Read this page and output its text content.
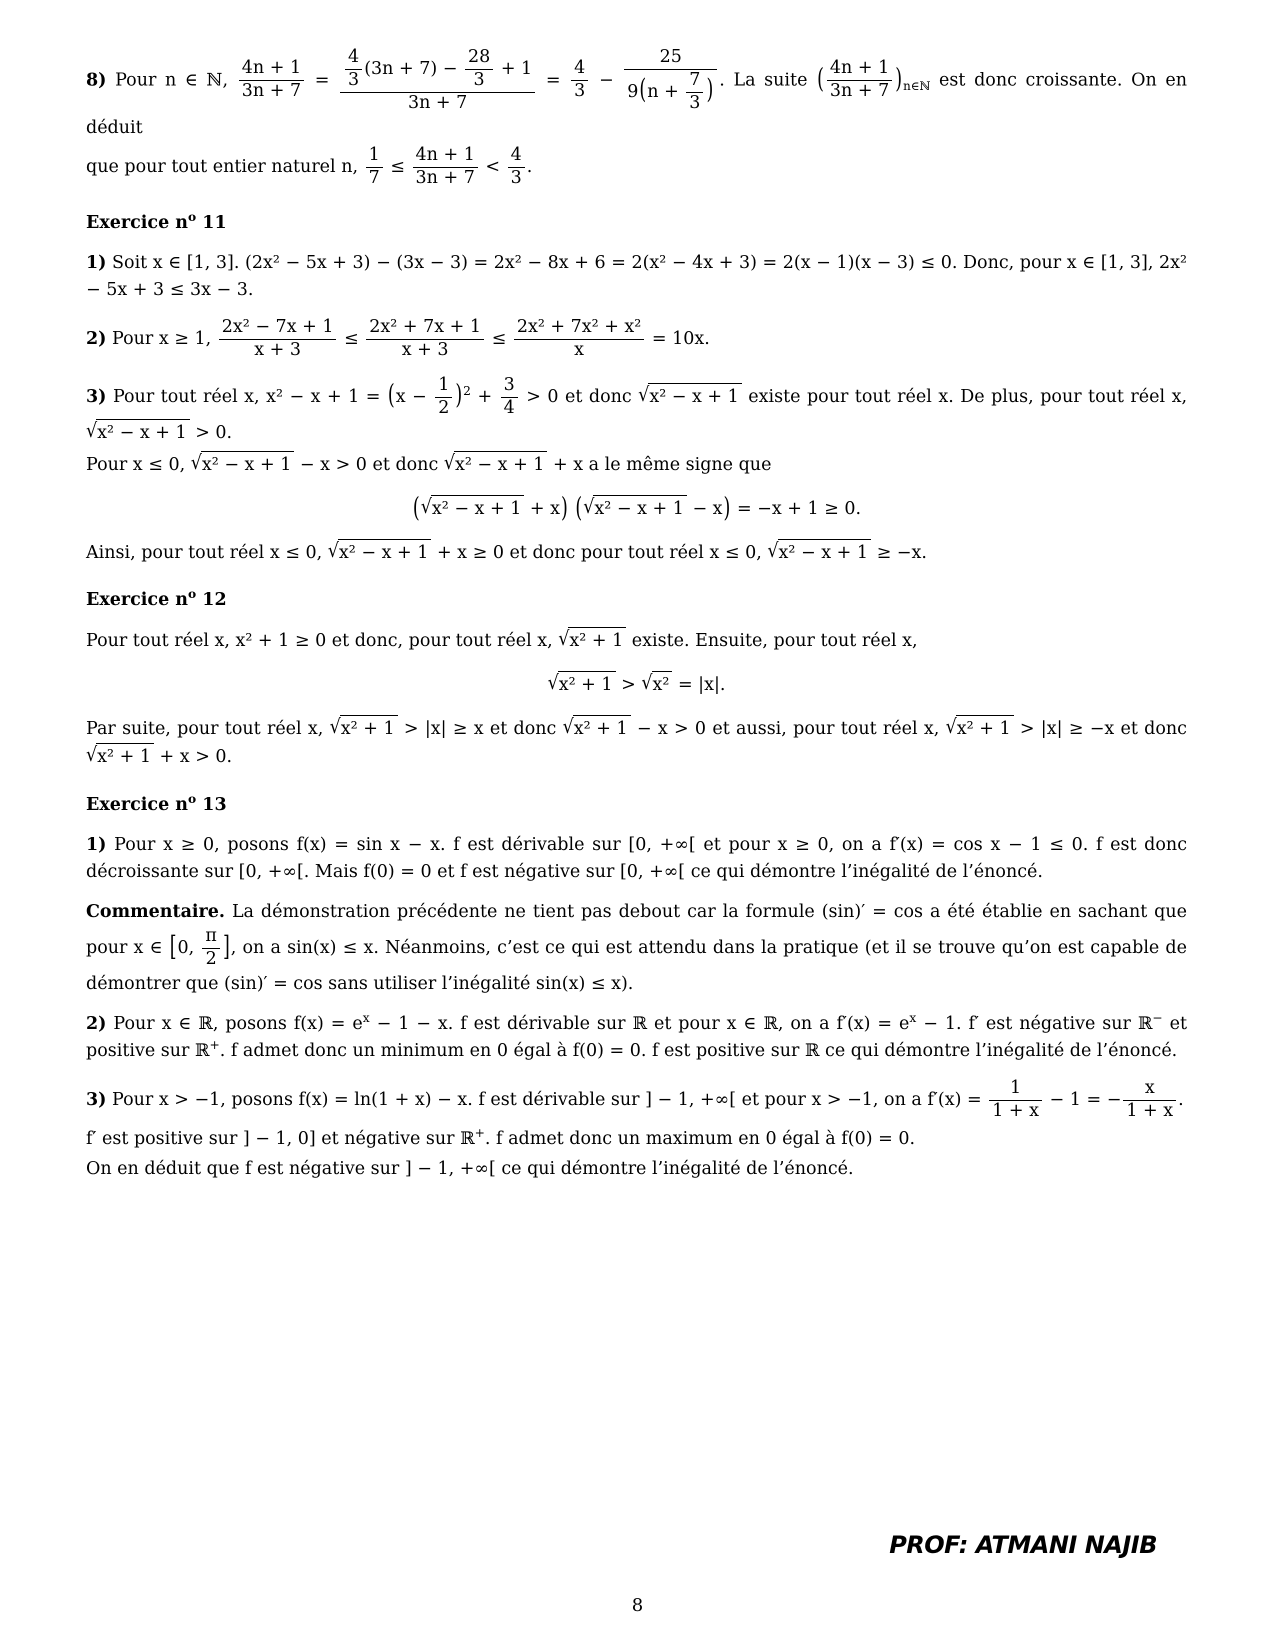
8) Pour n ∈ ℕ, $\frac{4n + 1}{3n + 7} = \frac{\frac{4}{3} (3n + 7) - \frac{28}{3} + 1}{3n + 7} = \frac{4}{3} - \frac{25}{9(n + \frac{7}{3} )}$ . La suite ( $\frac{4n + 1}{3n + 7} )_{n\in ℕ}$ est donc croissante. On en déduit
que pour tout entier naturel n, $\frac{1}{7} \le \frac{4n + 1}{3n + 7} < \frac{4}{3}$ .
Exercice $n^o$ 11
1) Soit x ∈ [1, 3]. (2x² − 5x + 3) − (3x − 3) = 2x² − 8x + 6 = 2(x² − 4x + 3) = 2(x − 1)(x − 3) ≤ 0. Donc, pour x ∈ [1, 3], 2x² − 5x + 3 ≤ 3x − 3.
2) Pour x ≥ 1, $\frac{\text{2x² − 7x + 1}}{x + 3} \le \frac{\text{2x² + 7x + 1}}{x + 3} \le \frac{\text{2x² + 7x² + x²}}{x} = 10x$.
3) Pour tout réel x, $x^2 - x + 1 = (x - \frac{1}{2} )^2 + \frac{3}{4} > 0$ et donc √x² − x + 1 existe pour tout réel x. De plus, pour tout réel x, √x² − x + 1 > 0.
Pour x ≤ 0, √x² − x + 1 − x > 0 et donc √x² − x + 1 + x a le même signe que
(√x² − x + 1 + x) (√x² − x + 1 − x) = −x + 1 ≥ 0.
Ainsi, pour tout réel x ≤ 0, √x² − x + 1 + x ≥ 0 et donc pour tout réel x ≤ 0, √x² − x + 1 ≥ −x.
Exercice $n^o$ 12
Pour tout réel x, x² + 1 ≥ 0 et donc, pour tout réel x, √x² + 1 existe. Ensuite, pour tout réel x,
√x² + 1 > √x² = |x|.
Par suite, pour tout réel x, √x² + 1 > |x| ≥ x et donc √x² + 1 − x > 0 et aussi, pour tout réel x, √x² + 1 > |x| ≥ −x et donc √x² + 1 + x > 0.
Exercice $n^o$ 13
1) Pour x ≥ 0, posons f(x) = sin x − x. f est dérivable sur [0, +∞[ et pour x ≥ 0, on a f′(x) = cos x − 1 ≤ 0. f est donc décroissante sur [0, +∞[. Mais f(0) = 0 et f est négative sur [0, +∞[ ce qui démontre l’inégalité de l’énoncé.
Commentaire. La démonstration précédente ne tient pas debout car la formule (sin)′ = cos a été établie en sachant que pour x ∈ [0, $\frac{\pi}{2}$ ], on a sin(x) ≤ x. Néanmoins, c’est ce qui est attendu dans la pratique (et il se trouve qu’on est capable de démontrer que (sin)′ = cos sans utiliser l’inégalité sin(x) ≤ x).
2) Pour x ∈ ℝ, posons $f(x) = e^x - 1 - x$. f est dérivable sur ℝ et pour x ∈ ℝ, on a $f'(x) = e^x - 1$. f′ est négative sur ℝ− et positive sur ℝ+. f admet donc un minimum en 0 égal à f(0) = 0. f est positive sur ℝ ce qui démontre l’inégalité de l’énoncé.
3) Pour x > −1, posons f(x) = ln(1 + x) − x. f est dérivable sur ] − 1, +∞[ et pour x > −1, on a $f'(x) = \frac{1}{1 + x} - 1$ = − $\frac{x}{1 + x}$ .
f′ est positive sur ] − 1, 0] et négative sur ℝ+. f admet donc un maximum en 0 égal à f(0) = 0.
On en déduit que f est négative sur ] − 1, +∞[ ce qui démontre l’inégalité de l’énoncé.
PROF: ATMANI NAJIB
8
